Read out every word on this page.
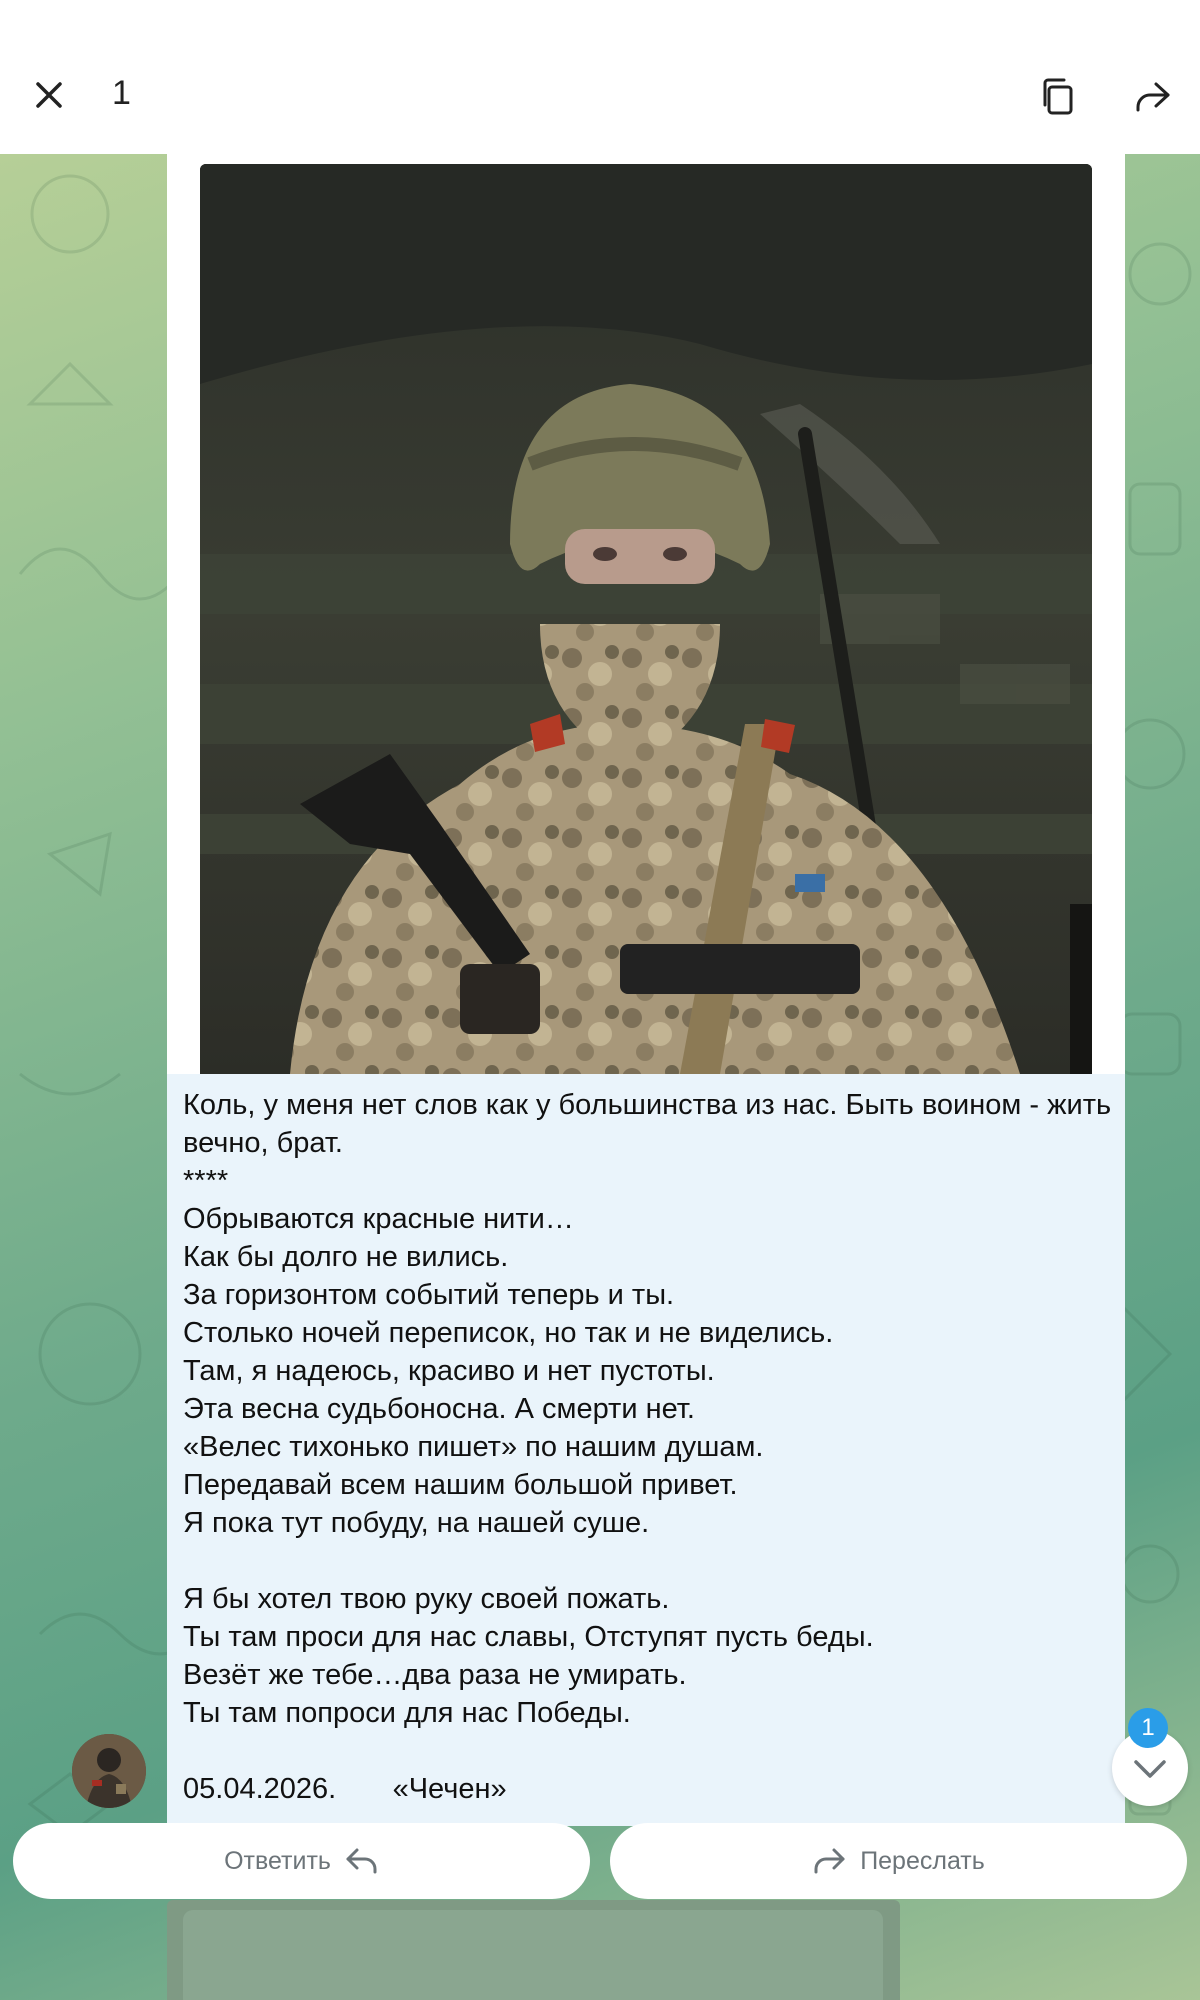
1
Коль, у меня нет слов как у большинства из нас. Быть воином - жить вечно, брат.
****
Обрываются красные нити…
Как бы долго не вились.
За горизонтом событий теперь и ты.
Столько ночей переписок, но так и не виделись.
Там, я надеюсь, красиво и нет пустоты.
Эта весна судьбоносна. А смерти нет.
«Велес тихонько пишет» по нашим душам.
Передавай всем нашим большой привет.
Я пока тут побуду, на нашей суше.
Я бы хотел твою руку своей пожать.
Ты там проси для нас славы, Отступят пусть беды.
Везёт же тебе…два раза не умирать.
Ты там попроси для нас Победы.
05.04.2026.       «Чечен»
1
Ответить	Переслать
